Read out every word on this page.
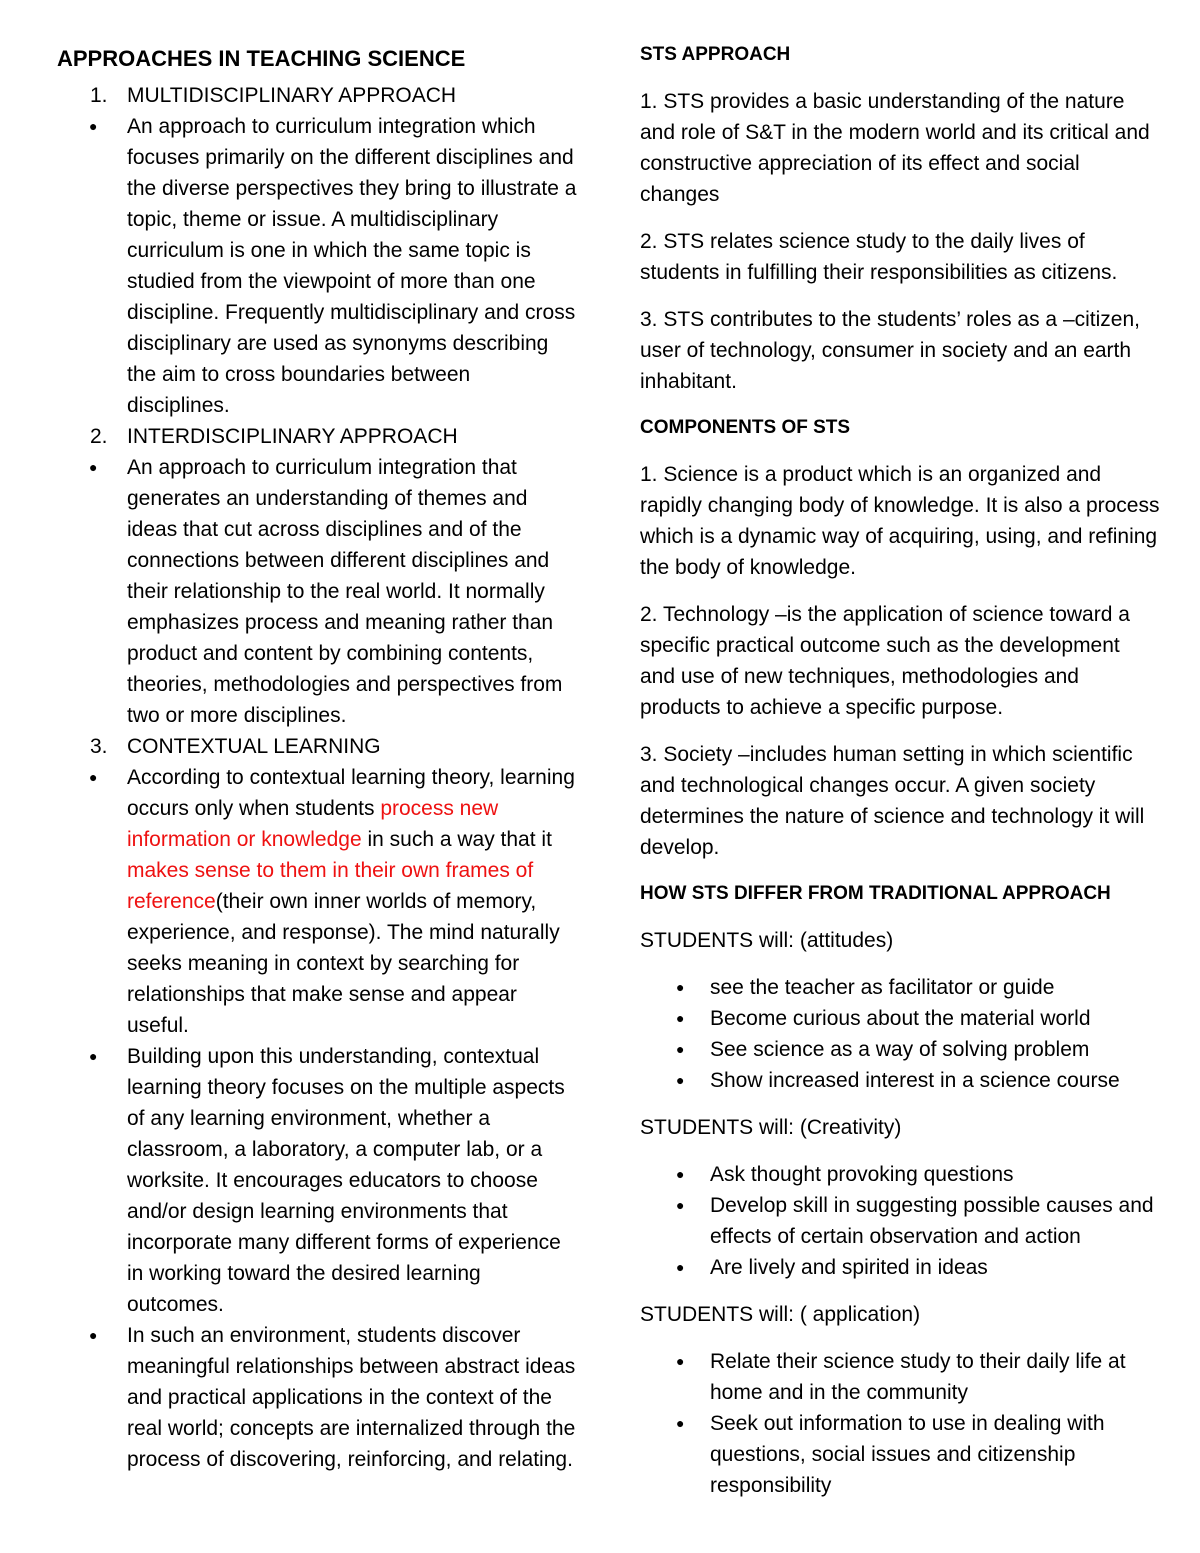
APPROACHES IN TEACHING SCIENCE

1. MULTIDISCIPLINARY APPROACH

● An approach to curriculum integration which focuses primarily on the different disciplines and the diverse perspectives they bring to illustrate a topic, theme or issue. A multidisciplinary curriculum is one in which the same topic is studied from the viewpoint of more than one discipline. Frequently multidisciplinary and cross disciplinary are used as synonyms describing the aim to cross boundaries between disciplines.

2. INTERDISCIPLINARY APPROACH

● An approach to curriculum integration that generates an understanding of themes and ideas that cut across disciplines and of the connections between different disciplines and their relationship to the real world. It normally emphasizes process and meaning rather than product and content by combining contents, theories, methodologies and perspectives from two or more disciplines.

3. CONTEXTUAL LEARNING

● According to contextual learning theory, learning occurs only when students process new information or knowledge in such a way that it makes sense to them in their own frames of reference(their own inner worlds of memory, experience, and response). The mind naturally seeks meaning in context by searching for relationships that make sense and appear useful.

● Building upon this understanding, contextual learning theory focuses on the multiple aspects of any learning environment, whether a classroom, a laboratory, a computer lab, or a worksite. It encourages educators to choose and/or design learning environments that incorporate many different forms of experience in working toward the desired learning outcomes.

● In such an environment, students discover meaningful relationships between abstract ideas and practical applications in the context of the real world; concepts are internalized through the process of discovering, reinforcing, and relating.

STS APPROACH

1. STS provides a basic understanding of the nature and role of S&T in the modern world and its critical and constructive appreciation of its effect and social changes

2. STS relates science study to the daily lives of students in fulfilling their responsibilities as citizens.

3. STS contributes to the students’ roles as a –citizen, user of technology, consumer in society and an earth inhabitant.

COMPONENTS OF STS

1. Science is a product which is an organized and rapidly changing body of knowledge. It is also a process which is a dynamic way of acquiring, using, and refining the body of knowledge.

2. Technology –is the application of science toward a specific practical outcome such as the development and use of new techniques, methodologies and products to achieve a specific purpose.

3. Society –includes human setting in which scientific and technological changes occur. A given society determines the nature of science and technology it will develop.

HOW STS DIFFER FROM TRADITIONAL APPROACH

STUDENTS will: (attitudes)

● see the teacher as facilitator or guide
● Become curious about the material world
● See science as a way of solving problem
● Show increased interest in a science course

STUDENTS will: (Creativity)

● Ask thought provoking questions
● Develop skill in suggesting possible causes and effects of certain observation and action
● Are lively and spirited in ideas

STUDENTS will: ( application)

● Relate their science study to their daily life at home and in the community
● Seek out information to use in dealing with questions, social issues and citizenship responsibility
